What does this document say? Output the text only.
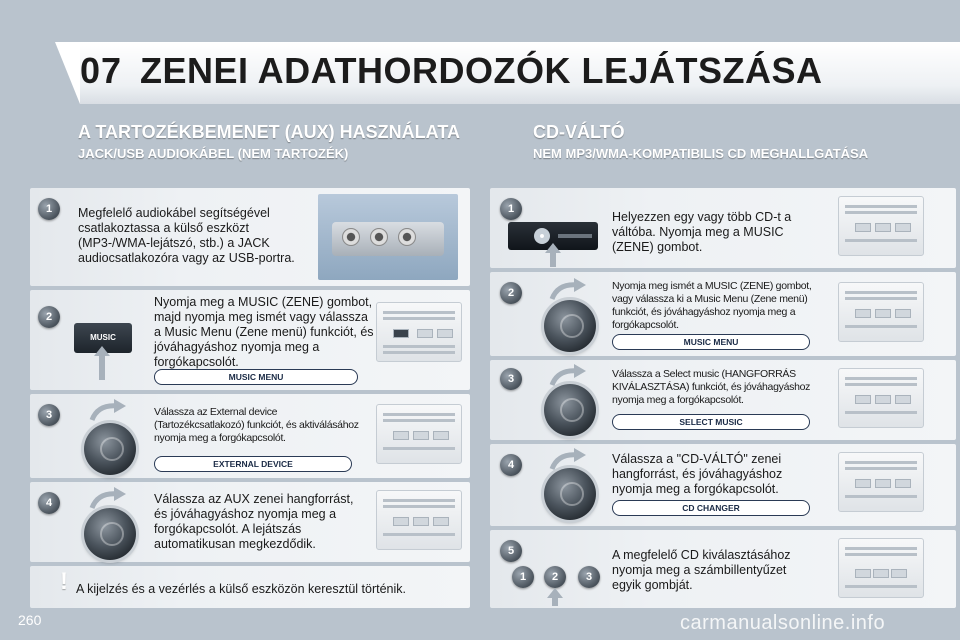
07 ZENEI ADATHORDOZÓK LEJÁTSZÁSA
A TARTOZÉKBEMENET (AUX) HASZNÁLATA
JACK/USB AUDIOKÁBEL (NEM TARTOZÉK)
CD-VÁLTÓ
NEM MP3/WMA-KOMPATIBILIS CD MEGHALLGATÁSA
1	Megfelelő audiokábel segítségével csatlakoztassa a külső eszközt (MP3-/WMA-lejátszó, stb.) a JACK audiocsatlakozóra vagy az USB-portra.
2
MUSIC
Nyomja meg a MUSIC (ZENE) gombot, majd nyomja meg ismét vagy válassza a Music Menu (Zene menü) funkciót, és jóváhagyáshoz nyomja meg a forgókapcsolót.
MUSIC MENU
3	Válassza az External device (Tartozékcsatlakozó) funkciót, és aktiválásához nyomja meg a forgókapcsolót.
EXTERNAL DEVICE
4	Válassza az AUX zenei hangforrást, és jóváhagyáshoz nyomja meg a forgókapcsolót. A lejátszás automatikusan megkezdődik.
! A kijelzés és a vezérlés a külső eszközön keresztül történik.
1
Helyezzen egy vagy több CD-t a váltóba. Nyomja meg a MUSIC (ZENE) gombot.
2
Nyomja meg ismét a MUSIC (ZENE) gombot, vagy válassza ki a Music Menu (Zene menü) funkciót, és jóváhagyáshoz nyomja meg a forgókapcsolót.
MUSIC MENU
3	Válassza a Select music (HANGFORRÁS KIVÁLASZTÁSA) funkciót, és jóváhagyáshoz nyomja meg a forgókapcsolót.
SELECT MUSIC
4	Válassza a "CD-VÁLTÓ" zenei hangforrást, és jóváhagyáshoz nyomja meg a forgókapcsolót.
CD CHANGER
5
1	2	3
A megfelelő CD kiválasztásához nyomja meg a számbillentyűzet egyik gombját.
260	carmanualsonline.info
